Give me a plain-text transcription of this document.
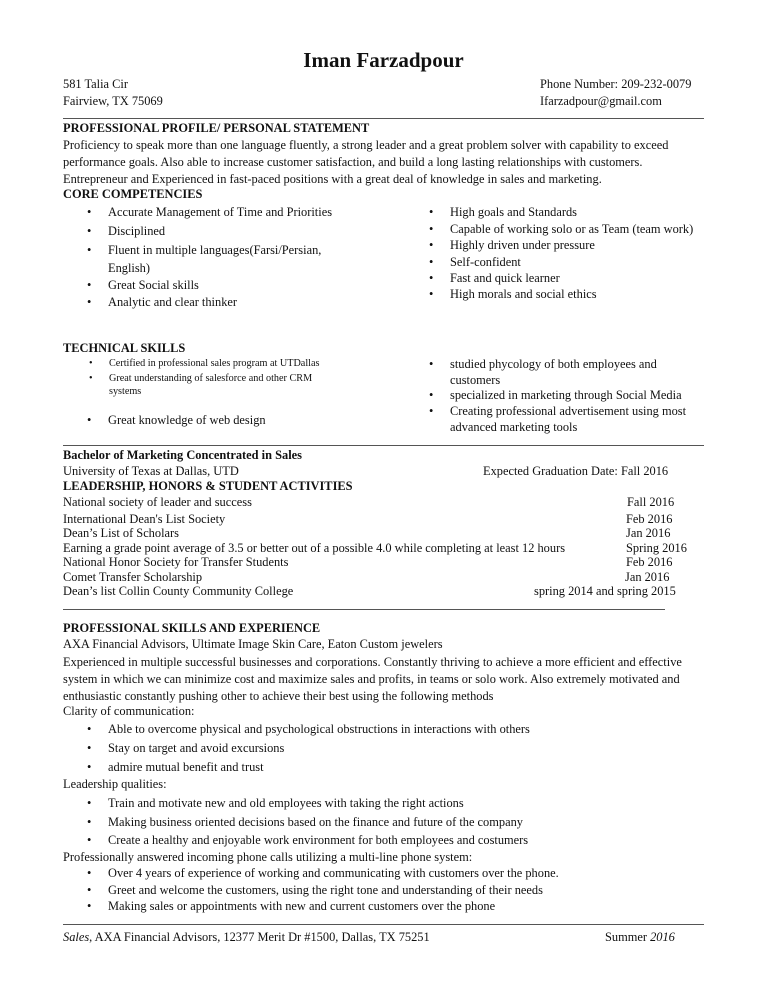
Iman Farzadpour
581 Talia Cir
Fairview, TX 75069
Phone Number: 209-232-0079
Ifarzadpour@gmail.com
PROFESSIONAL PROFILE/ PERSONAL STATEMENT
Proficiency to speak more than one language fluently, a strong leader and a great problem solver with capability to exceed
performance goals. Also able to increase customer satisfaction, and build a long lasting relationships with customers.
Entrepreneur and Experienced in fast-paced positions with a great deal of knowledge in sales and marketing.
CORE COMPETENCIES
• Accurate Management of Time and Priorities
• Disciplined
• Fluent in multiple languages(Farsi/Persian,
English)
• Great Social skills
• Analytic and clear thinker
• High goals and Standards
• Capable of working solo or as Team (team work)
• Highly driven under pressure
• Self-confident
• Fast and quick learner
• High morals and social ethics
TECHNICAL SKILLS
• Certified in professional sales program at UTDallas
• Great understanding of salesforce and other CRM
systems
• Great knowledge of web design
• studied phycology of both employees and
customers
• specialized in marketing through Social Media
• Creating professional advertisement using most
advanced marketing tools
Bachelor of Marketing Concentrated in Sales
University of Texas at Dallas, UTD	Expected Graduation Date: Fall 2016
LEADERSHIP, HONORS & STUDENT ACTIVITIES
National society of leader and success	Fall 2016
International Dean's List Society	Feb 2016
Dean’s List of Scholars	Jan 2016
Earning a grade point average of 3.5 or better out of a possible 4.0 while completing at least 12 hours	Spring 2016
National Honor Society for Transfer Students	Feb 2016
Comet Transfer Scholarship	Jan 2016
Dean’s list Collin County Community College	spring 2014 and spring 2015
PROFESSIONAL SKILLS AND EXPERIENCE
AXA Financial Advisors, Ultimate Image Skin Care, Eaton Custom jewelers
Experienced in multiple successful businesses and corporations. Constantly thriving to achieve a more efficient and effective
system in which we can minimize cost and maximize sales and profits, in teams or solo work. Also extremely motivated and
enthusiastic constantly pushing other to achieve their best using the following methods
Clarity of communication:
• Able to overcome physical and psychological obstructions in interactions with others
• Stay on target and avoid excursions
• admire mutual benefit and trust
Leadership qualities:
• Train and motivate new and old employees with taking the right actions
• Making business oriented decisions based on the finance and future of the company
• Create a healthy and enjoyable work environment for both employees and costumers
Professionally answered incoming phone calls utilizing a multi-line phone system:
• Over 4 years of experience of working and communicating with customers over the phone.
• Greet and welcome the customers, using the right tone and understanding of their needs
• Making sales or appointments with new and current customers over the phone
Sales, AXA Financial Advisors, 12377 Merit Dr #1500, Dallas, TX 75251	Summer 2016
